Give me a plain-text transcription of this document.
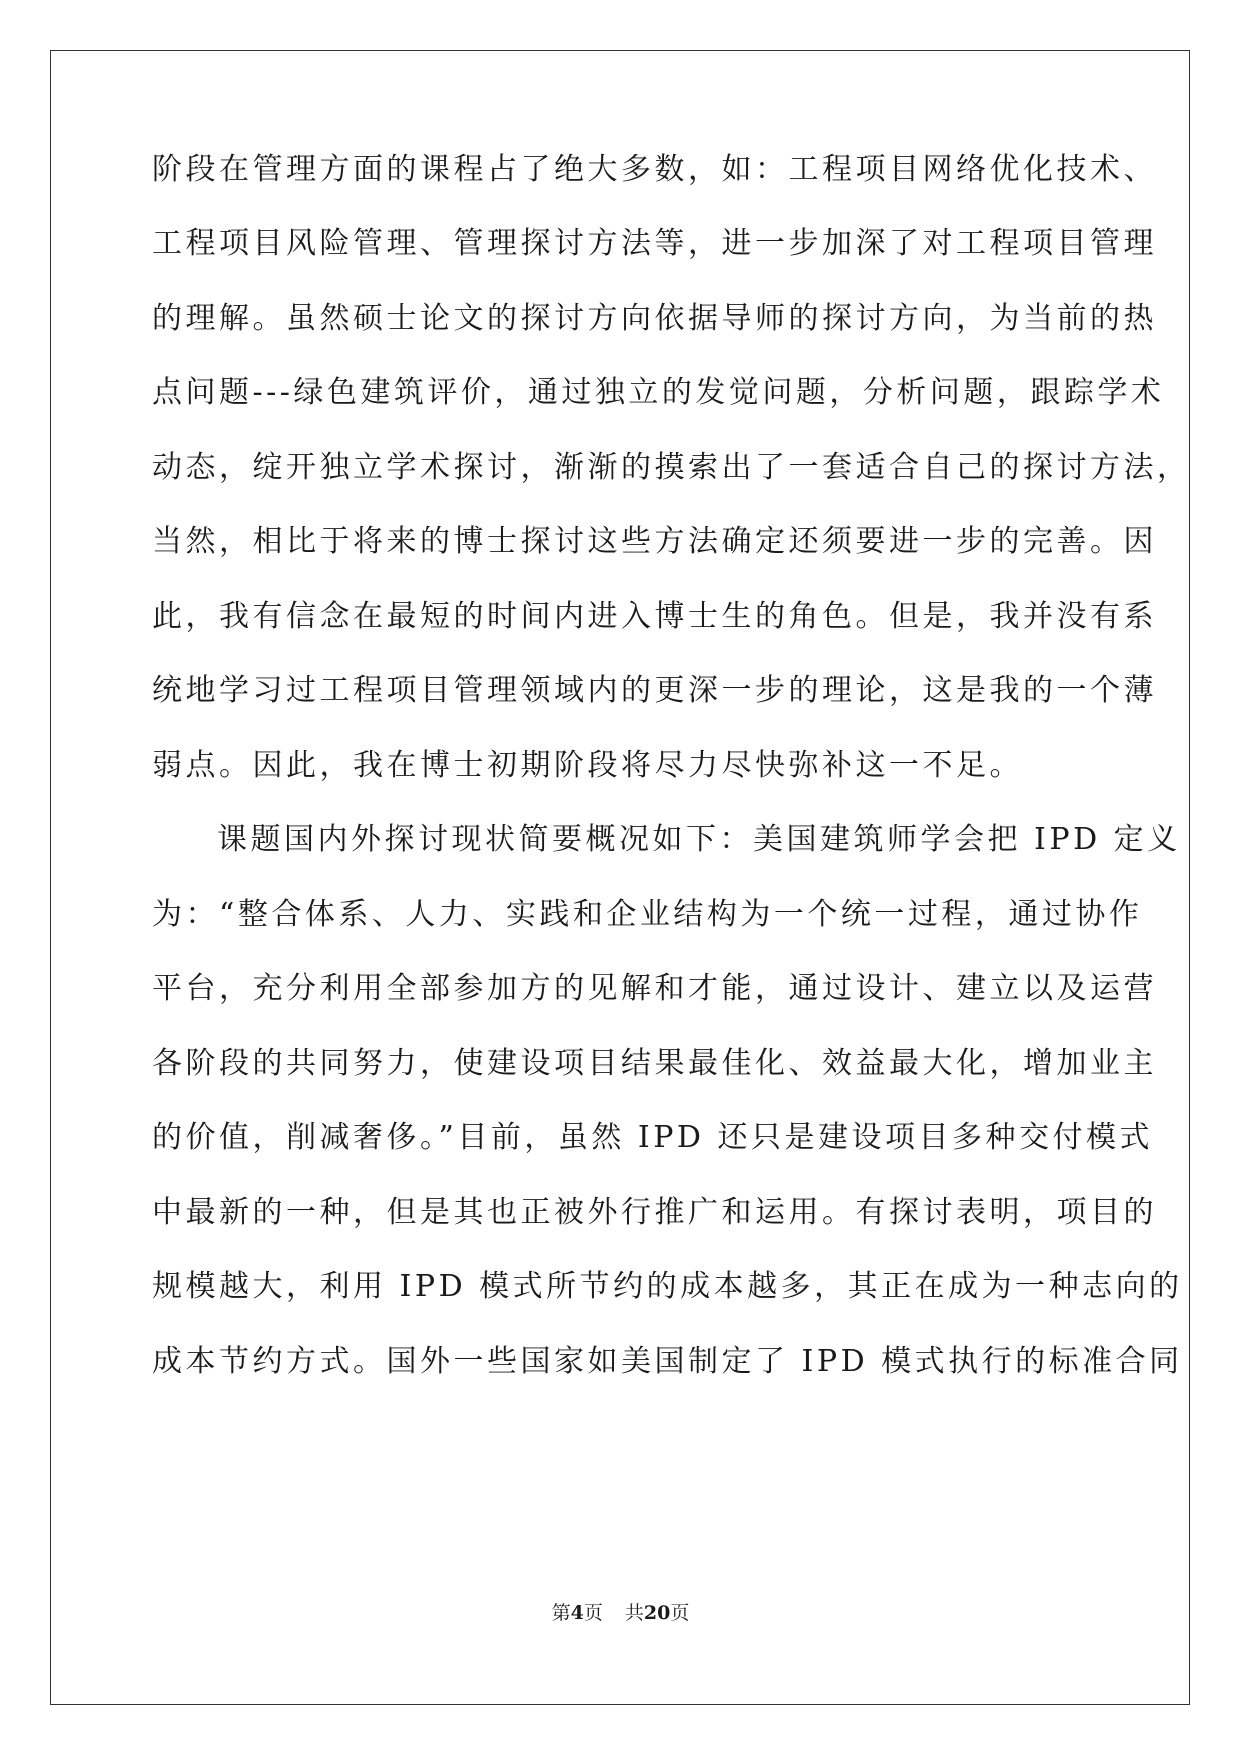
阶段在管理方面的课程占了绝大多数，如：工程项目网络优化技术、
工程项目风险管理、管理探讨方法等，进一步加深了对工程项目管理
的理解。虽然硕士论文的探讨方向依据导师的探讨方向，为当前的热
点问题---绿色建筑评价，通过独立的发觉问题，分析问题，跟踪学术
动态，绽开独立学术探讨，渐渐的摸索出了一套适合自己的探讨方法，
当然，相比于将来的博士探讨这些方法确定还须要进一步的完善。因
此，我有信念在最短的时间内进入博士生的角色。但是，我并没有系
统地学习过工程项目管理领域内的更深一步的理论，这是我的一个薄
弱点。因此，我在博士初期阶段将尽力尽快弥补这一不足。
课题国内外探讨现状简要概况如下：美国建筑师学会把 IPD 定义
为：“整合体系、人力、实践和企业结构为一个统一过程，通过协作
平台，充分利用全部参加方的见解和才能，通过设计、建立以及运营
各阶段的共同努力，使建设项目结果最佳化、效益最大化，增加业主
的价值，削减奢侈。”目前，虽然 IPD 还只是建设项目多种交付模式
中最新的一种，但是其也正被外行推广和运用。有探讨表明，项目的
规模越大，利用 IPD 模式所节约的成本越多，其正在成为一种志向的
成本节约方式。国外一些国家如美国制定了 IPD 模式执行的标准合同
第4页 共20页
